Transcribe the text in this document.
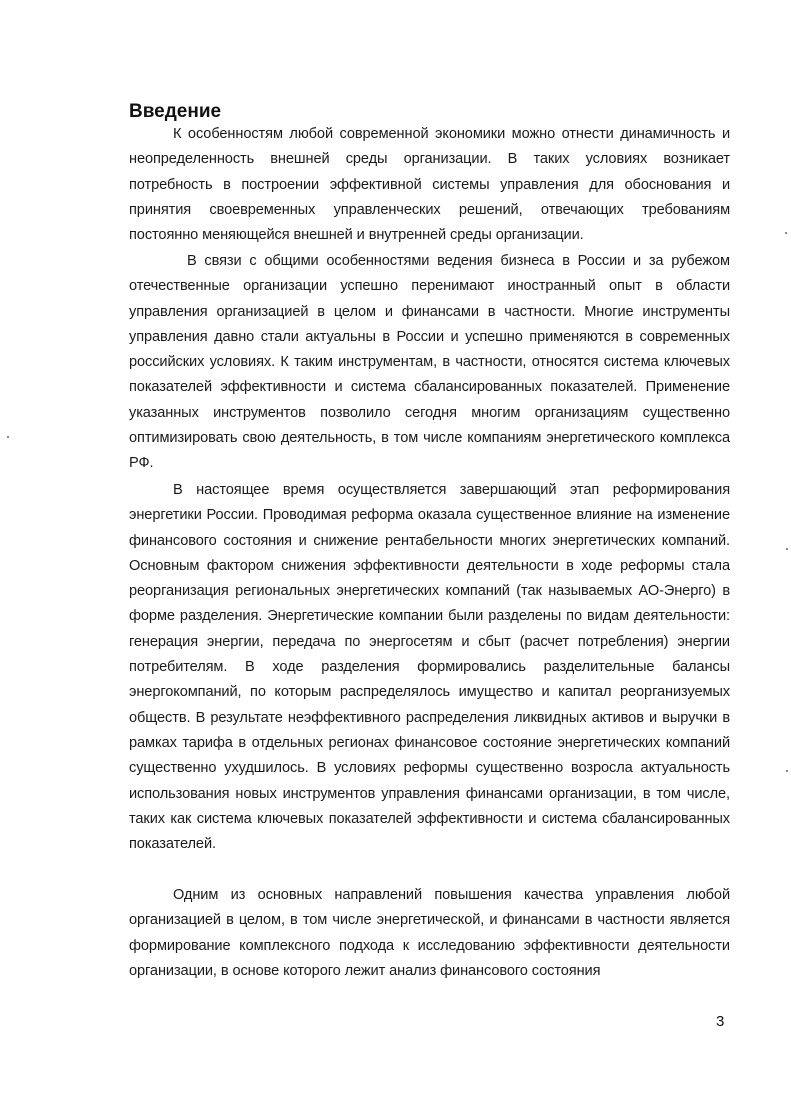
Введение

К особенностям любой современной экономики можно отнести динамичность и неопределенность внешней среды организации. В таких условиях возникает потребность в построении эффективной системы управления для обоснования и принятия своевременных управленческих решений, отвечающих требованиям постоянно меняющейся внешней и внутренней среды организации.

В связи с общими особенностями ведения бизнеса в России и за рубежом отечественные организации успешно перенимают иностранный опыт в области управления организацией в целом и финансами в частности. Многие инструменты управления давно стали актуальны в России и успешно применяются в современных российских условиях. К таким инструментам, в частности, относятся система ключевых показателей эффективности и система сбалансированных показателей. Применение указанных инструментов позволило сегодня многим организациям существенно оптимизировать свою деятельность, в том числе компаниям энергетического комплекса РФ.

В настоящее время осуществляется завершающий этап реформирования энергетики России. Проводимая реформа оказала существенное влияние на изменение финансового состояния и снижение рентабельности многих энергетических компаний. Основным фактором снижения эффективности деятельности в ходе реформы стала реорганизация региональных энергетических компаний (так называемых АО-Энерго) в форме разделения. Энергетические компании были разделены по видам деятельности: генерация энергии, передача по энергосетям и сбыт (расчет потребления) энергии потребителям. В ходе разделения формировались разделительные балансы энергокомпаний, по которым распределялось имущество и капитал реорганизуемых обществ. В результате неэффективного распределения ликвидных активов и выручки в рамках тарифа в отдельных регионах финансовое состояние энергетических компаний существенно ухудшилось. В условиях реформы существенно возросла актуальность использования новых инструментов управления финансами организации, в том числе, таких как система ключевых показателей эффективности и система сбалансированных показателей.

Одним из основных направлений повышения качества управления любой организацией в целом, в том числе энергетической, и финансами в частности является формирование комплексного подхода к исследованию эффективности деятельности организации, в основе которого лежит анализ финансового состояния

3
